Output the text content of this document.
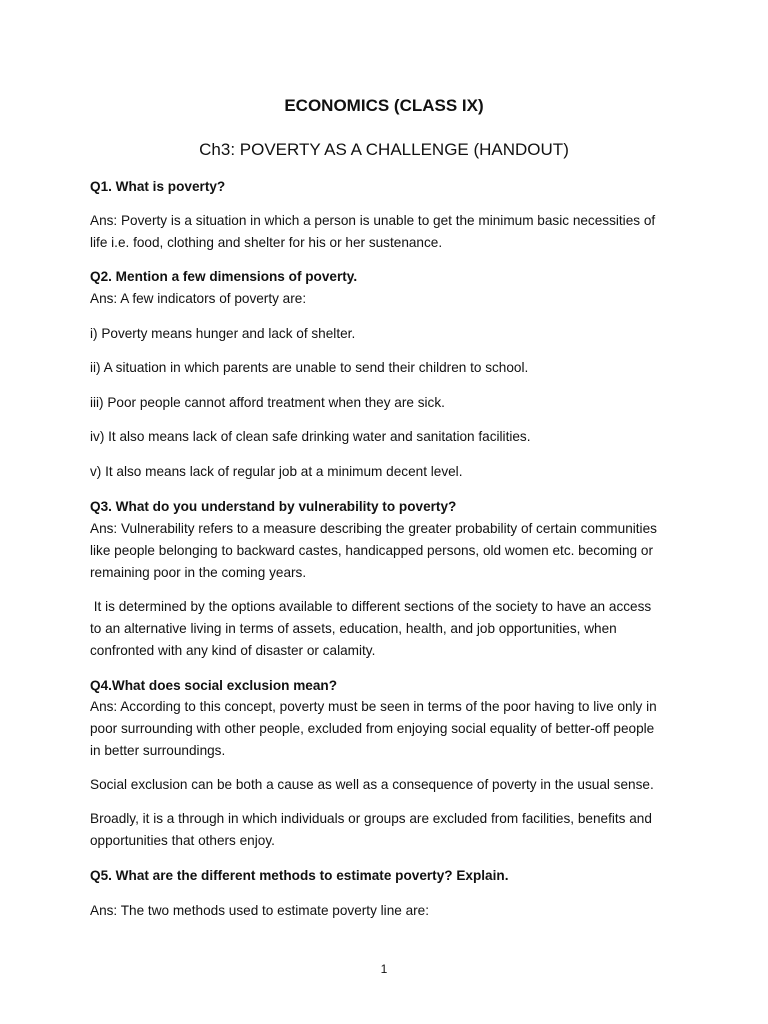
ECONOMICS (CLASS IX)

Ch3: POVERTY AS A CHALLENGE (HANDOUT)

Q1. What is poverty?

Ans: Poverty is a situation in which a person is unable to get the minimum basic necessities of

life i.e. food, clothing and shelter for his or her sustenance.

Q2. Mention a few dimensions of poverty.

Ans: A few indicators of poverty are:

i) Poverty means hunger and lack of shelter.

ii) A situation in which parents are unable to send their children to school.

iii) Poor people cannot afford treatment when they are sick.

iv) It also means lack of clean safe drinking water and sanitation facilities.

v) It also means lack of regular job at a minimum decent level.

Q3. What do you understand by vulnerability to poverty?

Ans: Vulnerability refers to a measure describing the greater probability of certain communities

like people belonging to backward castes, handicapped persons, old women etc. becoming or

remaining poor in the coming years.

It is determined by the options available to different sections of the society to have an access

to an alternative living in terms of assets, education, health, and job opportunities, when

confronted with any kind of disaster or calamity.

Q4.What does social exclusion mean?

Ans: According to this concept, poverty must be seen in terms of the poor having to live only in

poor surrounding with other people, excluded from enjoying social equality of better-off people

in better surroundings.

Social exclusion can be both a cause as well as a consequence of poverty in the usual sense.

Broadly, it is a through in which individuals or groups are excluded from facilities, benefits and

opportunities that others enjoy.

Q5. What are the different methods to estimate poverty? Explain.

Ans: The two methods used to estimate poverty line are:

1
